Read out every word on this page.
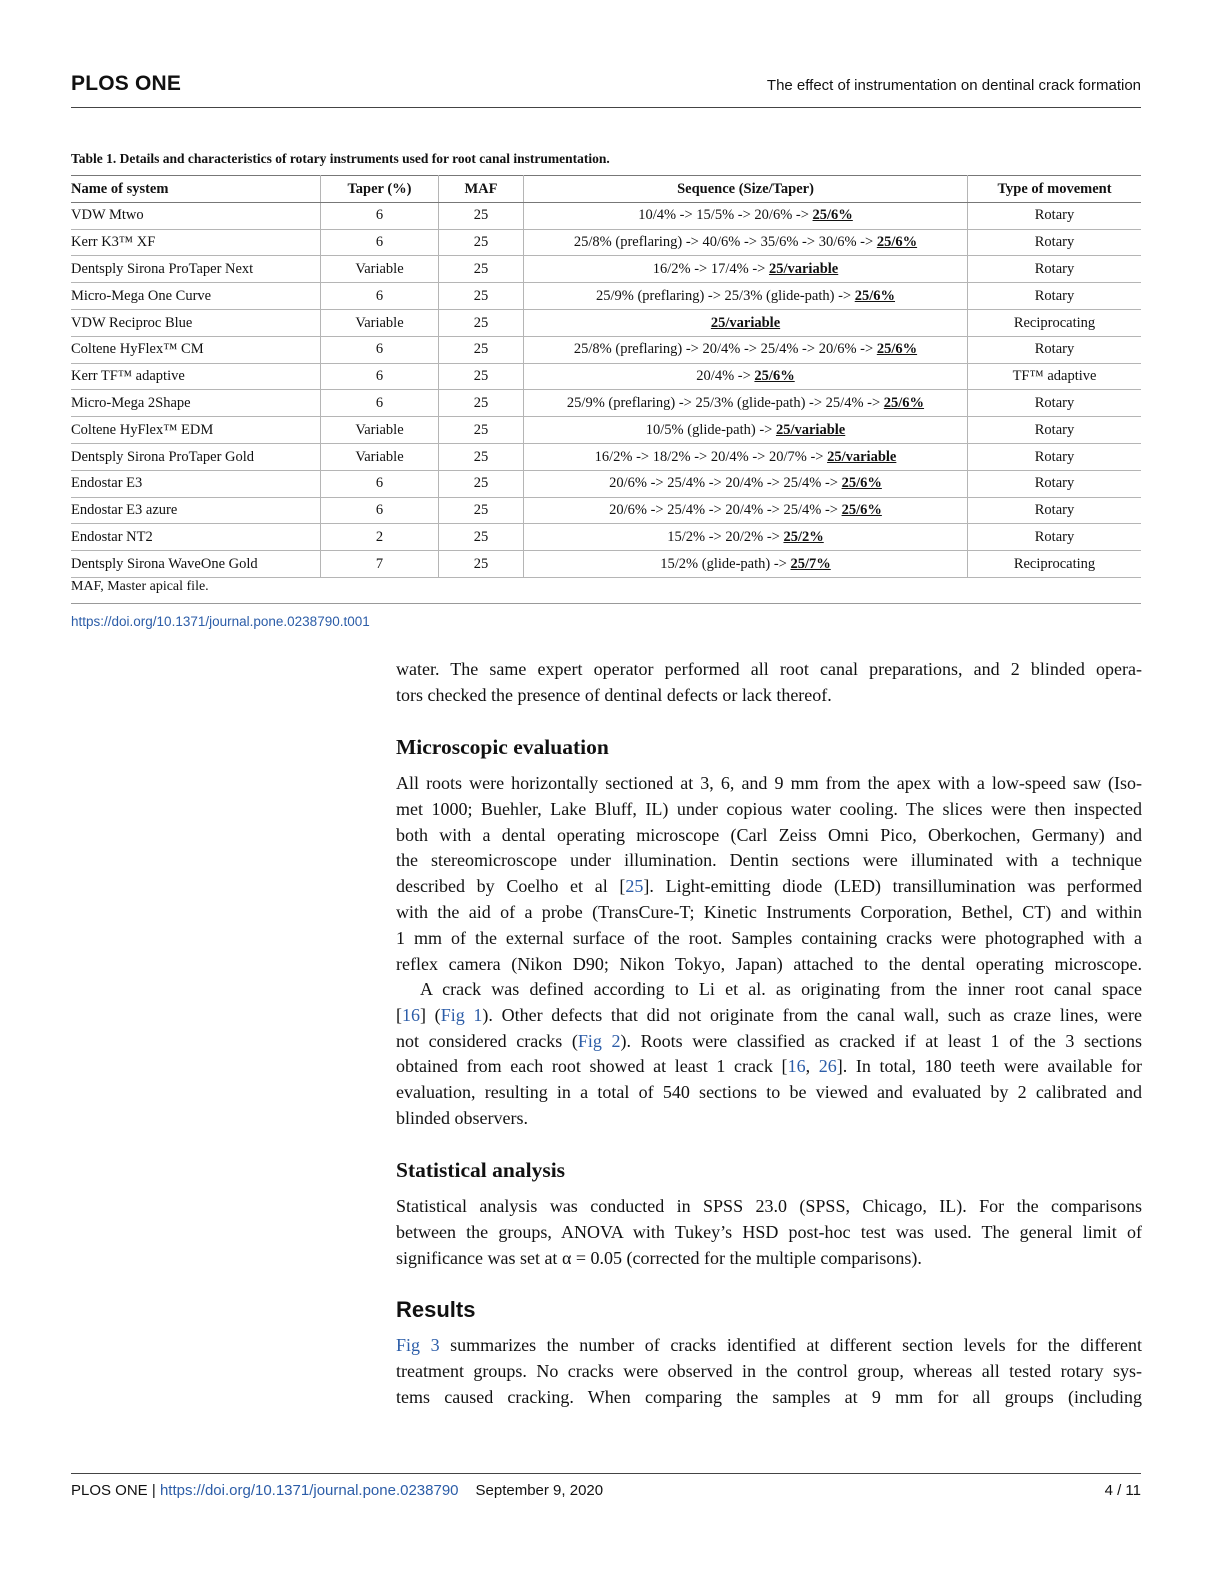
PLOS ONE	The effect of instrumentation on dentinal crack formation
Table 1. Details and characteristics of rotary instruments used for root canal instrumentation.
Name of system	Taper (%)	MAF	Sequence (Size/Taper)	Type of movement
VDW Mtwo	6	25	10/4% -> 15/5% -> 20/6% -> 25/6%	Rotary
Kerr K3™ XF	6	25	25/8% (preflaring) -> 40/6% -> 35/6% -> 30/6% -> 25/6%	Rotary
Dentsply Sirona ProTaper Next	Variable	25	16/2% -> 17/4% -> 25/variable	Rotary
Micro-Mega One Curve	6	25	25/9% (preflaring) -> 25/3% (glide-path) -> 25/6%	Rotary
VDW Reciproc Blue	Variable	25	25/variable	Reciprocating
Coltene HyFlex™ CM	6	25	25/8% (preflaring) -> 20/4% -> 25/4% -> 20/6% -> 25/6%	Rotary
Kerr TF™ adaptive	6	25	20/4% -> 25/6%	TF™ adaptive
Micro-Mega 2Shape	6	25	25/9% (preflaring) -> 25/3% (glide-path) -> 25/4% -> 25/6%	Rotary
Coltene HyFlex™ EDM	Variable	25	10/5% (glide-path) -> 25/variable	Rotary
Dentsply Sirona ProTaper Gold	Variable	25	16/2% -> 18/2% -> 20/4% -> 20/7% -> 25/variable	Rotary
Endostar E3	6	25	20/6% -> 25/4% -> 20/4% -> 25/4% -> 25/6%	Rotary
Endostar E3 azure	6	25	20/6% -> 25/4% -> 20/4% -> 25/4% -> 25/6%	Rotary
Endostar NT2	2	25	15/2% -> 20/2% -> 25/2%	Rotary
Dentsply Sirona WaveOne Gold	7	25	15/2% (glide-path) -> 25/7%	Reciprocating
MAF, Master apical file.
https://doi.org/10.1371/journal.pone.0238790.t001

water. The same expert operator performed all root canal preparations, and 2 blinded opera-

tors checked the presence of dentinal defects or lack thereof.

Microscopic evaluation

All roots were horizontally sectioned at 3, 6, and 9 mm from the apex with a low-speed saw (Iso-

met 1000; Buehler, Lake Bluff, IL) under copious water cooling. The slices were then inspected

both with a dental operating microscope (Carl Zeiss Omni Pico, Oberkochen, Germany) and

the stereomicroscope under illumination. Dentin sections were illuminated with a technique

described by Coelho et al [25]. Light-emitting diode (LED) transillumination was performed

with the aid of a probe (TransCure-T; Kinetic Instruments Corporation, Bethel, CT) and within

1 mm of the external surface of the root. Samples containing cracks were photographed with a

reflex camera (Nikon D90; Nikon Tokyo, Japan) attached to the dental operating microscope.

A crack was defined according to Li et al. as originating from the inner root canal space

[16] (Fig 1). Other defects that did not originate from the canal wall, such as craze lines, were

not considered cracks (Fig 2). Roots were classified as cracked if at least 1 of the 3 sections

obtained from each root showed at least 1 crack [16, 26]. In total, 180 teeth were available for

evaluation, resulting in a total of 540 sections to be viewed and evaluated by 2 calibrated and

blinded observers.

Statistical analysis

Statistical analysis was conducted in SPSS 23.0 (SPSS, Chicago, IL). For the comparisons

between the groups, ANOVA with Tukey’s HSD post-hoc test was used. The general limit of

significance was set at α = 0.05 (corrected for the multiple comparisons).

Results

Fig 3 summarizes the number of cracks identified at different section levels for the different

treatment groups. No cracks were observed in the control group, whereas all tested rotary sys-

tems caused cracking. When comparing the samples at 9 mm for all groups (including

PLOS ONE | https://doi.org/10.1371/journal.pone.0238790 September 9, 2020	4 / 11
